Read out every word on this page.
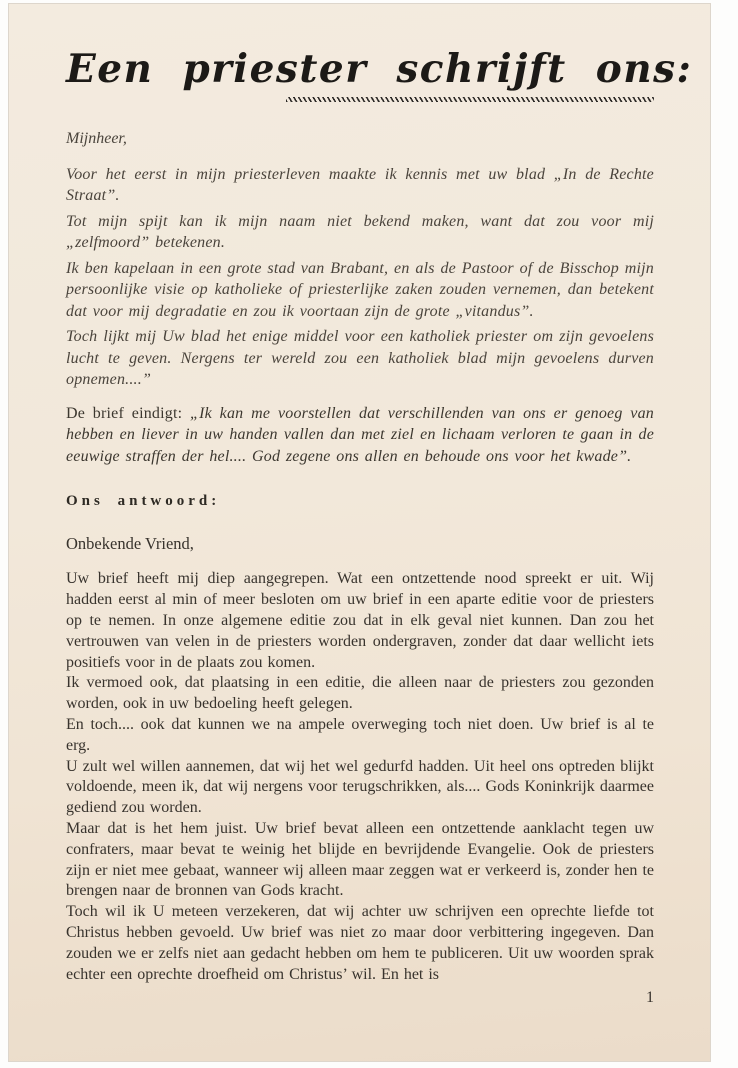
Een priester schrijft ons:
Mijnheer,

Voor het eerst in mijn priesterleven maakte ik kennis met uw blad „In de Rechte Straat”.

Tot mijn spijt kan ik mijn naam niet bekend maken, want dat zou voor mij „zelfmoord” betekenen.

Ik ben kapelaan in een grote stad van Brabant, en als de Pastoor of de Bisschop mijn persoonlijke visie op katholieke of priesterlijke zaken zouden vernemen, dan betekent dat voor mij degradatie en zou ik voortaan zijn de grote „vitandus”.

Toch lijkt mij Uw blad het enige middel voor een katholiek priester om zijn gevoelens lucht te geven. Nergens ter wereld zou een katholiek blad mijn gevoelens durven opnemen....”

De brief eindigt: „Ik kan me voorstellen dat verschillenden van ons er genoeg van hebben en liever in uw handen vallen dan met ziel en lichaam verloren te gaan in de eeuwige straffen der hel.... God zegene ons allen en behoude ons voor het kwade”.

Ons antwoord:
Onbekende Vriend,

Uw brief heeft mij diep aangegrepen. Wat een ontzettende nood spreekt er uit. Wij hadden eerst al min of meer besloten om uw brief in een aparte editie voor de priesters op te nemen. In onze algemene editie zou dat in elk geval niet kunnen. Dan zou het vertrouwen van velen in de priesters worden ondergraven, zonder dat daar wellicht iets positiefs voor in de plaats zou komen.

Ik vermoed ook, dat plaatsing in een editie, die alleen naar de priesters zou gezonden worden, ook in uw bedoeling heeft gelegen.

En toch.... ook dat kunnen we na ampele overweging toch niet doen. Uw brief is al te erg.

U zult wel willen aannemen, dat wij het wel gedurfd hadden. Uit heel ons optreden blijkt voldoende, meen ik, dat wij nergens voor terugschrikken, als.... Gods Koninkrijk daarmee gediend zou worden.

Maar dat is het hem juist. Uw brief bevat alleen een ontzettende aanklacht tegen uw confraters, maar bevat te weinig het blijde en bevrijdende Evangelie. Ook de priesters zijn er niet mee gebaat, wanneer wij alleen maar zeggen wat er verkeerd is, zonder hen te brengen naar de bronnen van Gods kracht.

Toch wil ik U meteen verzekeren, dat wij achter uw schrijven een oprechte liefde tot Christus hebben gevoeld. Uw brief was niet zo maar door verbittering ingegeven. Dan zouden we er zelfs niet aan gedacht hebben om hem te publiceren. Uit uw woorden sprak echter een oprechte droefheid om Christus’ wil. En het is

1
